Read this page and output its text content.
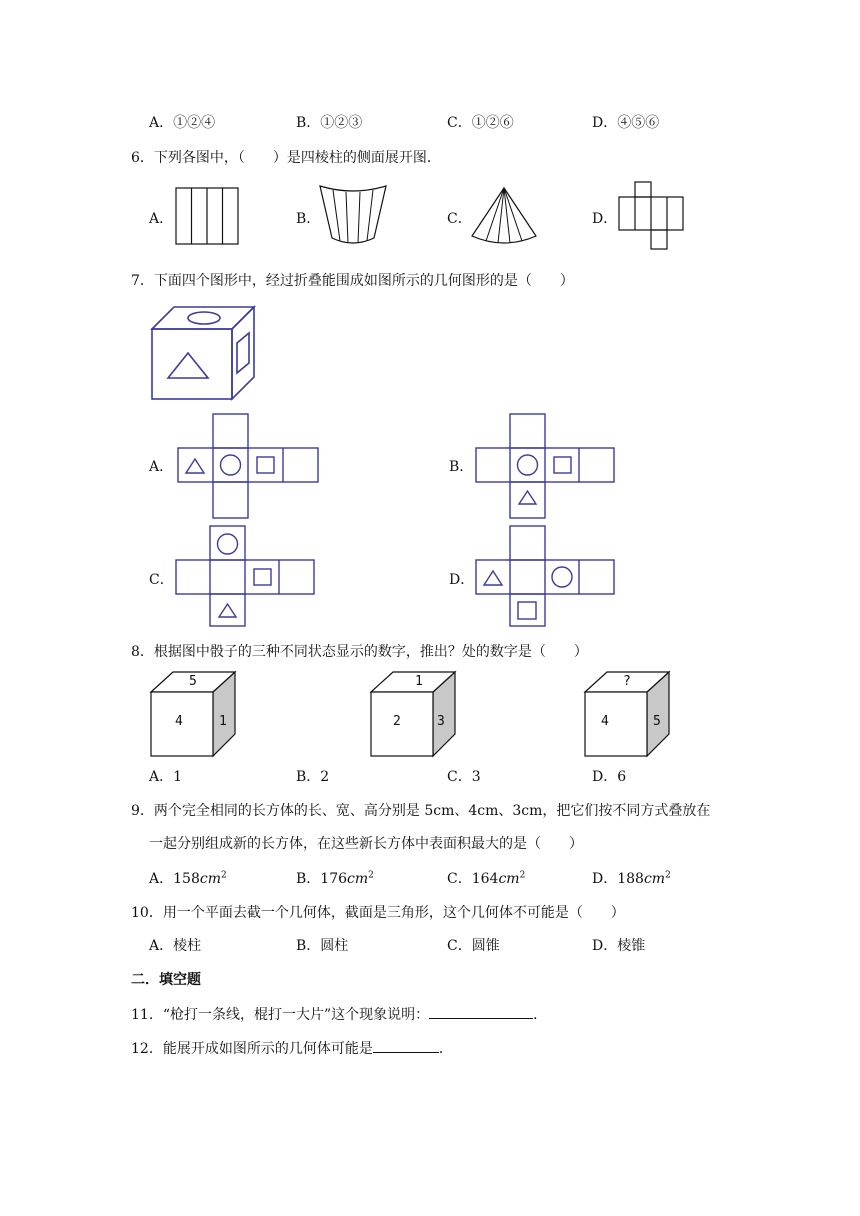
A．①②④	B．①②③	C．①②⑥	D．④⑤⑥
6．下列各图中，（　　）是四棱柱的侧面展开图．
A．	B．	C．	D．
7．下面四个图形中，经过折叠能围成如图所示的几何图形的是（　　）
A．	B．
C．	D．
8．根据图中骰子的三种不同状态显示的数字，推出？处的数字是（　　）
5
4	1
1
2	3
?
4	5
A．1	B．2	C．3	D．6
9．两个完全相同的长方体的长、宽、高分别是 5cm、4cm、3cm，把它们按不同方式叠放在
一起分别组成新的长方体，在这些新长方体中表面积最大的是（　　）
A．$158cm^2$	B．$176cm^2$	C．$164cm^2$	D．$188cm^2$
10．用一个平面去截一个几何体，截面是三角形，这个几何体不可能是（　　）
A．棱柱	B．圆柱	C．圆锥	D．棱锥
二．填空题
11．“枪打一条线，棍打一大片”这个现象说明：	．
12．能展开成如图所示的几何体可能是	．
